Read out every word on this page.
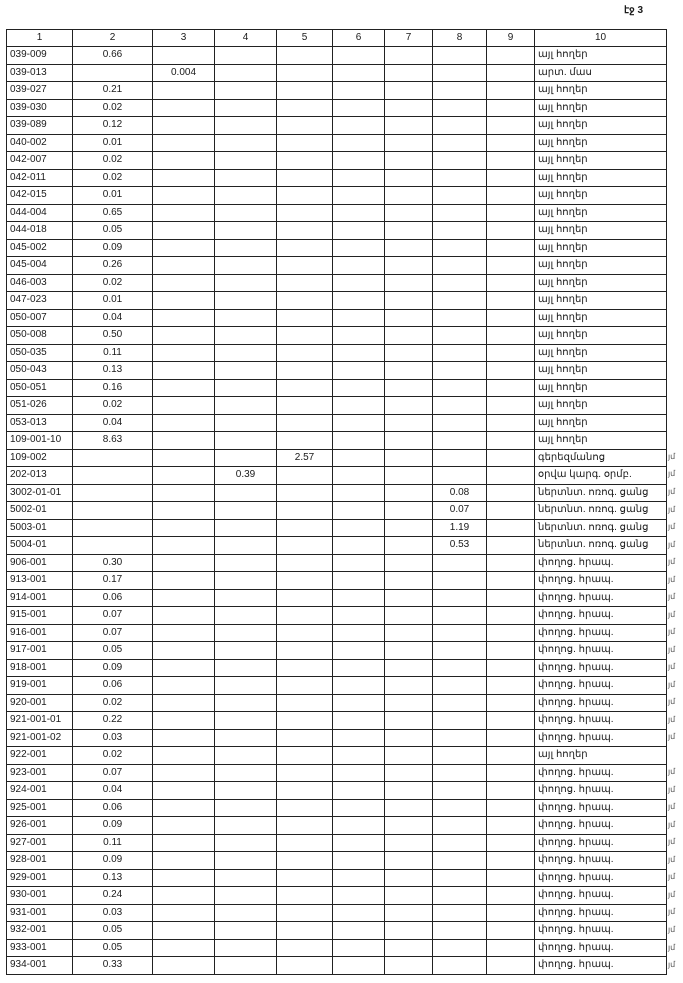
էջ 3
1	2	3	4	5	6	7	8	9	10
039-009	0.66								այլ հողեր
039-013		0.004							արտ. մաս
039-027	0.21								այլ հողեր
039-030	0.02								այլ հողեր
039-089	0.12								այլ հողեր
040-002	0.01								այլ հողեր
042-007	0.02								այլ հողեր
042-011	0.02								այլ հողեր
042-015	0.01								այլ հողեր
044-004	0.65								այլ հողեր
044-018	0.05								այլ հողեր
045-002	0.09								այլ հողեր
045-004	0.26								այլ հողեր
046-003	0.02								այլ հողեր
047-023	0.01								այլ հողեր
050-007	0.04								այլ հողեր
050-008	0.50								այլ հողեր
050-035	0.11								այլ հողեր
050-043	0.13								այլ հողեր
050-051	0.16								այլ հողեր
051-026	0.02								այլ հողեր
053-013	0.04								այլ հողեր
109-001-10	8.63								այլ հողեր
109-002				2.57					գերեզմանոց
202-013			0.39						օրվա կարգ. օրմբ.
3002-01-01							0.08		ներտնտ. ոռոգ. ցանց
5002-01							0.07		ներտնտ. ոռոգ. ցանց
5003-01							1.19		ներտնտ. ոռոգ. ցանց
5004-01							0.53		ներտնտ. ոռոգ. ցանց
906-001	0.30								փողոց. հրապ.
913-001	0.17								փողոց. հրապ.
914-001	0.06								փողոց. հրապ.
915-001	0.07								փողոց. հրապ.
916-001	0.07								փողոց. հրապ.
917-001	0.05								փողոց. հրապ.
918-001	0.09								փողոց. հրապ.
919-001	0.06								փողոց. հրապ.
920-001	0.02								փողոց. հրապ.
921-001-01	0.22								փողոց. հրապ.
921-001-02	0.03								փողոց. հրապ.
922-001	0.02								այլ հողեր
923-001	0.07								փողոց. հրապ.
924-001	0.04								փողոց. հրապ.
925-001	0.06								փողոց. հրապ.
926-001	0.09								փողոց. հրապ.
927-001	0.11								փողոց. հրապ.
928-001	0.09								փողոց. հրապ.
929-001	0.13								փողոց. հրապ.
930-001	0.24								փողոց. հրապ.
931-001	0.03								փողոց. հրապ.
932-001	0.05								փողոց. հրապ.
933-001	0.05								փողոց. հրապ.
934-001	0.33								փողոց. հրապ.
յմ
յմ
յմ
յմ
յմ
յմ
յմ
յմ
յմ
յմ
յմ
յմ
յմ
յմ
յմ
յմ
յմ
յմ
յմ
յմ
յմ
յմ
յմ
յմ
յմ
յմ
յմ
յմ
յմ
